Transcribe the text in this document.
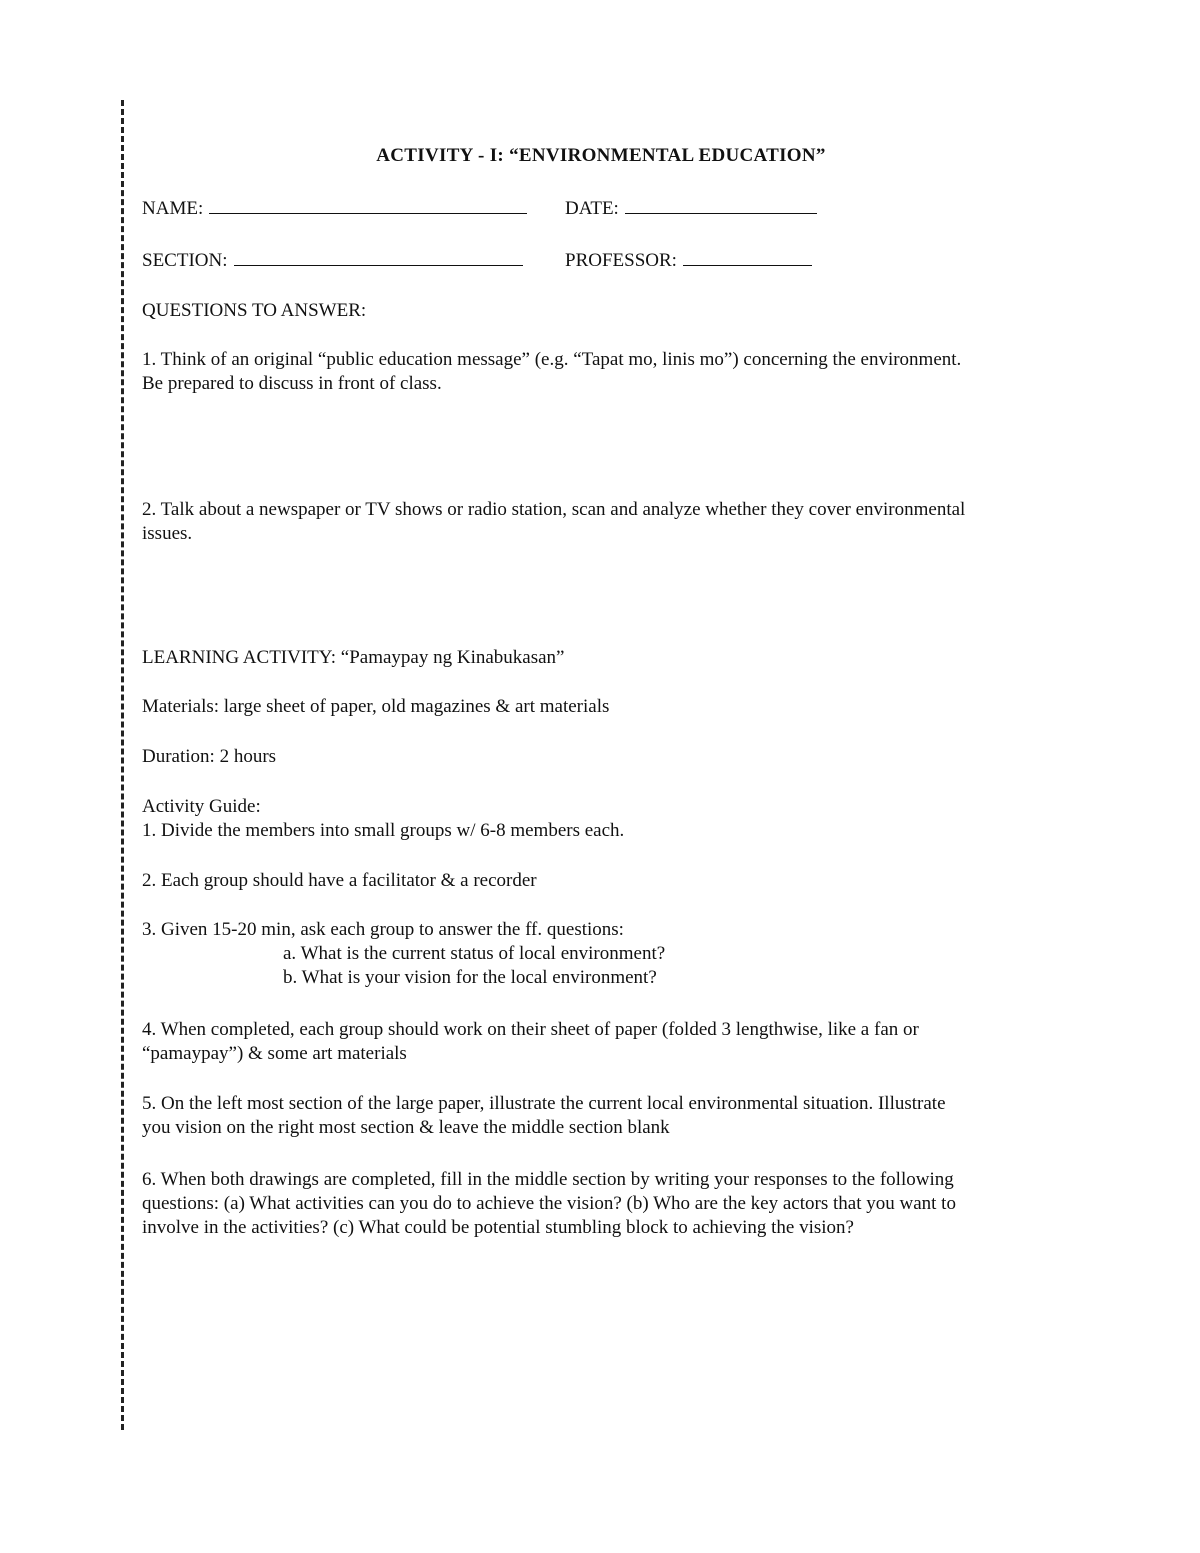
ACTIVITY - I: “ENVIRONMENTAL EDUCATION”
NAME:	DATE:
SECTION:	PROFESSOR:

QUESTIONS TO ANSWER:

1. Think of an original “public education message” (e.g. “Tapat mo, linis mo”) concerning the environment.
Be prepared to discuss in front of class.
2. Talk about a newspaper or TV shows or radio station, scan and analyze whether they cover environmental
issues.

LEARNING ACTIVITY: “Pamaypay ng Kinabukasan”

Materials: large sheet of paper, old magazines & art materials

Duration: 2 hours

Activity Guide:

1. Divide the members into small groups w/ 6-8 members each.

2. Each group should have a facilitator & a recorder

3. Given 15-20 min, ask each group to answer the ff. questions:
a. What is the current status of local environment?
b. What is your vision for the local environment?
4. When completed, each group should work on their sheet of paper (folded 3 lengthwise, like a fan or
“pamaypay”) & some art materials
5. On the left most section of the large paper, illustrate the current local environmental situation. Illustrate
you vision on the right most section & leave the middle section blank
6. When both drawings are completed, fill in the middle section by writing your responses to the following
questions: (a) What activities can you do to achieve the vision? (b) Who are the key actors that you want to
involve in the activities? (c) What could be potential stumbling block to achieving the vision?
